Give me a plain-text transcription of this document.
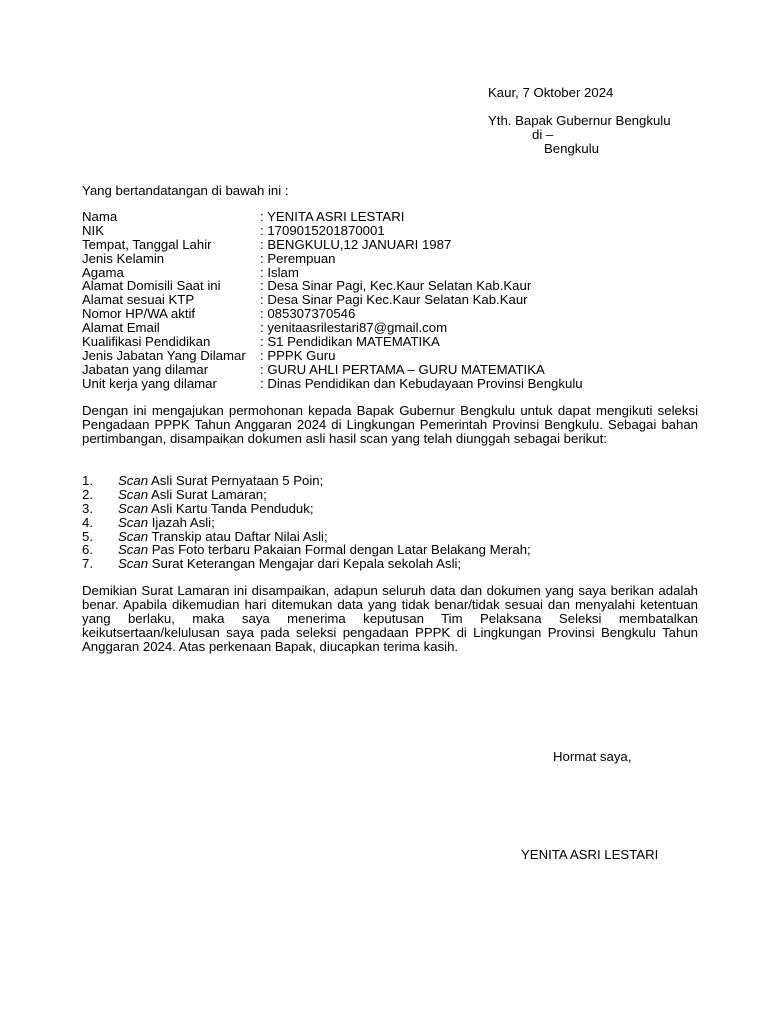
Kaur, 7 Oktober 2024
Yth. Bapak Gubernur Bengkulu
di –
Bengkulu
Yang bertandatangan di bawah ini :
Nama	: YENITA ASRI LESTARI
NIK	: 1709015201870001
Tempat, Tanggal Lahir	: BENGKULU,12 JANUARI 1987
Jenis Kelamin	: Perempuan
Agama	: Islam
Alamat Domisili Saat ini	: Desa Sinar Pagi, Kec.Kaur Selatan Kab.Kaur
Alamat sesuai KTP	: Desa Sinar Pagi Kec.Kaur Selatan Kab.Kaur
Nomor HP/WA aktif	: 085307370546
Alamat Email	: yenitaasrilestari87@gmail.com
Kualifikasi Pendidikan	: S1 Pendidikan MATEMATIKA
Jenis Jabatan Yang Dilamar	: PPPK Guru
Jabatan yang dilamar	: GURU AHLI PERTAMA – GURU MATEMATIKA
Unit kerja yang dilamar	: Dinas Pendidikan dan Kebudayaan Provinsi Bengkulu
Dengan ini mengajukan permohonan kepada Bapak Gubernur Bengkulu untuk dapat mengikuti seleksi Pengadaan PPPK Tahun Anggaran 2024 di Lingkungan Pemerintah Provinsi Bengkulu. Sebagai bahan pertimbangan, disampaikan dokumen asli hasil scan yang telah diunggah sebagai berikut:
1.	Scan Asli Surat Pernyataan 5 Poin;
2.	Scan Asli Surat Lamaran;
3.	Scan Asli Kartu Tanda Penduduk;
4.	Scan Ijazah Asli;
5.	Scan Transkip atau Daftar Nilai Asli;
6.	Scan Pas Foto terbaru Pakaian Formal dengan Latar Belakang Merah;
7.	Scan Surat Keterangan Mengajar dari Kepala sekolah Asli;
Demikian Surat Lamaran ini disampaikan, adapun seluruh data dan dokumen yang saya berikan adalah benar. Apabila dikemudian hari ditemukan data yang tidak benar/tidak sesuai dan menyalahi ketentuan yang berlaku, maka saya menerima keputusan Tim Pelaksana Seleksi membatalkan keikutsertaan/kelulusan saya pada seleksi pengadaan PPPK di Lingkungan Provinsi Bengkulu Tahun Anggaran 2024. Atas perkenaan Bapak, diucapkan terima kasih.
Hormat saya,
YENITA ASRI LESTARI
